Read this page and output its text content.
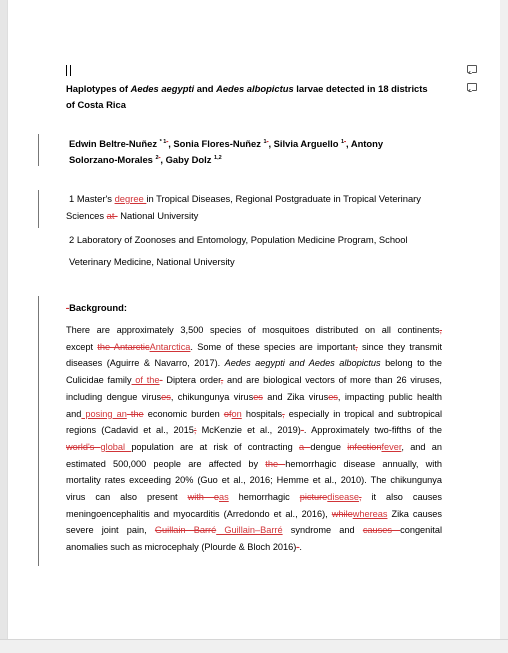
Haplotypes of Aedes aegypti and Aedes albopictus larvae detected in 18 districts
of Costa Rica
Edwin Beltre-Nuñez $^{* 1-}$, Sonia Flores-Nuñez $^{1-}$, Silvia Arguello $^{1-}$, Antony
Solorzano-Morales $^{2-}$, Gaby Dolz $^{1,2}$
1 Master's degree in Tropical Diseases, Regional Postgraduate in Tropical Veterinary
Sciences at- National University
2 Laboratory of Zoonoses and Entomology, Population Medicine Program, School
Veterinary Medicine, National University
-Background:
There are approximately 3,500 species of mosquitoes distributed on all continents,
except the AntarcticAntarctica. Some of these species are important, since they transmit
diseases (Aguirre & Navarro, 2017). Aedes aegypti and Aedes albopictus belong to the
Culicidae family of the- Diptera order, and are biological vectors of more than 26 viruses,
including dengue viruses, chikungunya viruses and Zika viruses, impacting public health
and posing an the economic burden ofon hospitals, especially in tropical and subtropical
regions (Cadavid et al., 2015; McKenzie et al., 2019)-. Approximately two-fifths of the
world's global population are at risk of contracting a dengue infectionfever, and an
estimated 500,000 people are affected by the hemorrhagic disease annually, with
mortality rates exceeding 20% (Guo et al., 2016; Hemme et al., 2010). The chikungunya
virus can also present with eas hemorrhagic picturedisease, it also causes
meningoencephalitis and myocarditis (Arredondo et al., 2016), whilewhereas Zika causes
severe joint pain, Guillain Barré Guillain–Barré syndrome and causes congenital
anomalies such as microcephaly (Plourde & Bloch 2016)-.
